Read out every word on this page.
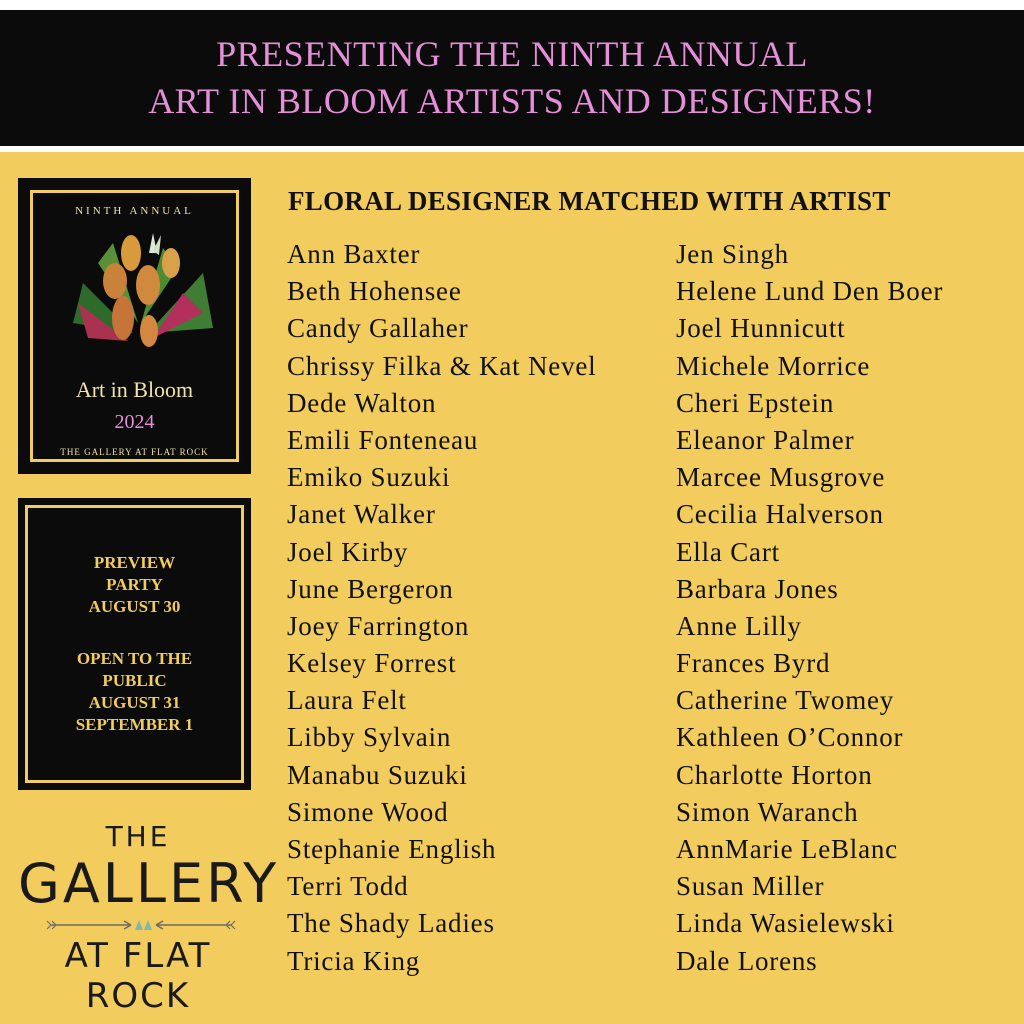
PRESENTING THE NINTH ANNUAL
ART IN BLOOM ARTISTS AND DESIGNERS!
NINTH ANNUAL
Art in Bloom
2024
THE GALLERY AT FLAT ROCK
PREVIEW
PARTY
AUGUST 30
OPEN TO THE
PUBLIC
AUGUST 31
SEPTEMBER 1
THE
GALLERY
AT FLAT ROCK
FLORAL DESIGNER MATCHED WITH ARTIST
Ann Baxter
Beth Hohensee
Candy Gallaher
Chrissy Filka & Kat Nevel
Dede Walton
Emili Fonteneau
Emiko Suzuki
Janet Walker
Joel Kirby
June Bergeron
Joey Farrington
Kelsey Forrest
Laura Felt
Libby Sylvain
Manabu Suzuki
Simone Wood
Stephanie English
Terri Todd
The Shady Ladies
Tricia King
Jen Singh
Helene Lund Den Boer
Joel Hunnicutt
Michele Morrice
Cheri Epstein
Eleanor Palmer
Marcee Musgrove
Cecilia Halverson
Ella Cart
Barbara Jones
Anne Lilly
Frances Byrd
Catherine Twomey
Kathleen O’Connor
Charlotte Horton
Simon Waranch
AnnMarie LeBlanc
Susan Miller
Linda Wasielewski
Dale Lorens
